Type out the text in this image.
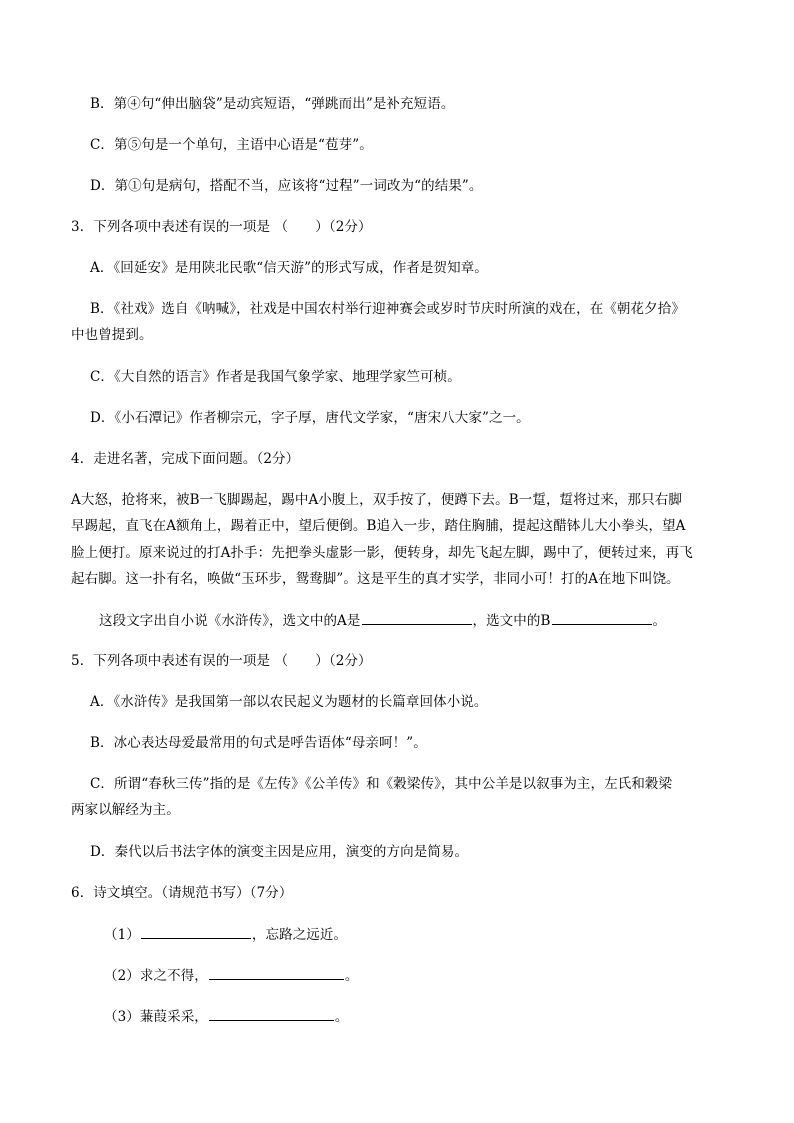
B．第④句“伸出脑袋”是动宾短语，“弹跳而出”是补充短语。
C．第⑤句是一个单句，主语中心语是“苞芽”。
D．第①句是病句，搭配不当，应该将“过程”一词改为“的结果”。
3．下列各项中表述有误的一项是 （　　）（2分）
A．《回延安》是用陕北民歌“信天游”的形式写成，作者是贺知章。
B．《社戏》选自《呐喊》，社戏是中国农村举行迎神赛会或岁时节庆时所演的戏在，在《朝花夕拾》
中也曾提到。
C．《大自然的语言》作者是我国气象学家、地理学家竺可桢。
D．《小石潭记》作者柳宗元，字子厚，唐代文学家，“唐宋八大家”之一。
4．走进名著，完成下面问题。（2分）
A大怒，抢将来，被B一飞脚踢起，踢中A小腹上，双手按了，便蹲下去。B一踅，踅将过来，那只右脚
早踢起，直飞在A额角上，踢着正中，望后便倒。B追入一步，踏住胸脯，提起这醋钵儿大小拳头，望A
脸上便打。原来说过的打A扑手：先把拳头虚影一影，便转身，却先飞起左脚，踢中了，便转过来，再飞
起右脚。这一扑有名，唤做“玉环步，鸳鸯脚”。这是平生的真才实学，非同小可！打的A在地下叫饶。
这段文字出自小说《水浒传》，选文中的A是	，选文中的B	。
5．下列各项中表述有误的一项是 （　　）（2分）
A．《水浒传》是我国第一部以农民起义为题材的长篇章回体小说。
B．冰心表达母爱最常用的句式是呼告语体“母亲呵！”。
C．所谓“春秋三传”指的是《左传》《公羊传》和《穀梁传》，其中公羊是以叙事为主，左氏和穀梁
两家以解经为主。
D．秦代以后书法字体的演变主因是应用，演变的方向是简易。
6．诗文填空。（请规范书写）（7分）
（1）	，忘路之远近。
（2）求之不得，	。
（3）蒹葭采采，	。
